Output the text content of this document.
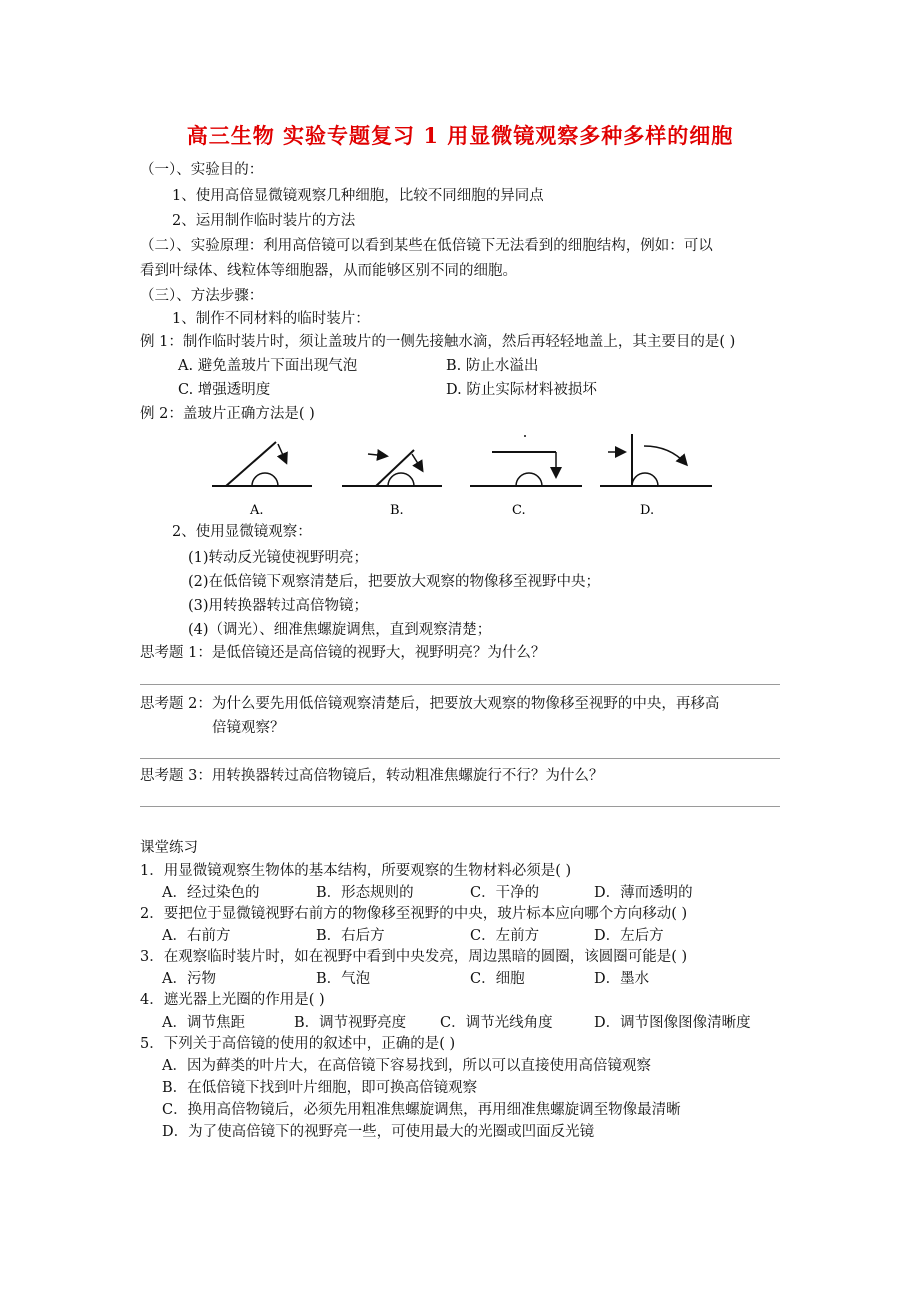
高三生物 实验专题复习 1 用显微镜观察多种多样的细胞
（一）、实验目的：
1、使用高倍显微镜观察几种细胞，比较不同细胞的异同点
2、运用制作临时装片的方法
（二）、实验原理：利用高倍镜可以看到某些在低倍镜下无法看到的细胞结构，例如：可以
看到叶绿体、线粒体等细胞器，从而能够区别不同的细胞。
（三）、方法步骤：
1、制作不同材料的临时装片：
例 1：制作临时装片时，须让盖玻片的一侧先接触水滴，然后再轻轻地盖上，其主要目的是( )
A. 避免盖玻片下面出现气泡	B. 防止水溢出
C. 增强透明度	D. 防止实际材料被损坏
例 2：盖玻片正确方法是( )
A.	B.	C.	D.
2、使用显微镜观察：
(1)转动反光镜使视野明亮；
(2)在低倍镜下观察清楚后，把要放大观察的物像移至视野中央；
(3)用转换器转过高倍物镜；
(4)（调光）、细准焦螺旋调焦，直到观察清楚；
思考题 1：是低倍镜还是高倍镜的视野大，视野明亮？为什么？
思考题 2：为什么要先用低倍镜观察清楚后，把要放大观察的物像移至视野的中央，再移高
倍镜观察？
思考题 3：用转换器转过高倍物镜后，转动粗准焦螺旋行不行？为什么？
课堂练习
1．用显微镜观察生物体的基本结构，所要观察的生物材料必须是( )
A．经过染色的	B．形态规则的	C．干净的	D．薄而透明的
2．要把位于显微镜视野右前方的物像移至视野的中央，玻片标本应向哪个方向移动( )
A．右前方	B．右后方	C．左前方	D．左后方
3．在观察临时装片时，如在视野中看到中央发亮，周边黑暗的圆圈，该圆圈可能是( )
A．污物	B．气泡	C．细胞	D．墨水
4．遮光器上光圈的作用是( )
A．调节焦距	B．调节视野亮度 C．调节光线角度	D．调节图像图像清晰度
5．下列关于高倍镜的使用的叙述中，正确的是( )
A．因为藓类的叶片大，在高倍镜下容易找到，所以可以直接使用高倍镜观察
B．在低倍镜下找到叶片细胞，即可换高倍镜观察
C．换用高倍物镜后，必须先用粗准焦螺旋调焦，再用细准焦螺旋调至物像最清晰
D．为了使高倍镜下的视野亮一些，可使用最大的光圈或凹面反光镜
